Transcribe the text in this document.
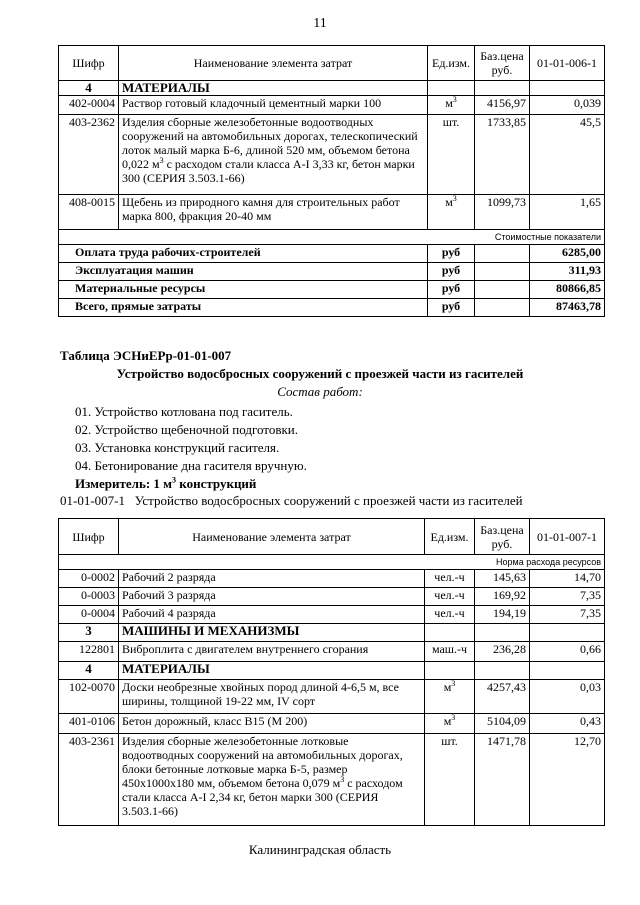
11
Шифр	Наименование элемента затрат	Ед.изм.	Баз.цена руб.	01-01-006-1
4	МАТЕРИАЛЫ			
402-0004	Раствор готовый кладочный цементный марки 100	$м^3$	4156,97	0,039
403-2362	Изделия сборные железобетонные водоотводных сооружений на автомобильных дорогах, телескопический лоток малый марка Б-6, длиной 520 мм, объемом бетона 0,022 $м^3$ с расходом стали класса А-I 3,33 кг, бетон марки 300 (СЕРИЯ 3.503.1-66)	шт.	1733,85	45,5
408-0015	Щебень из природного камня для строительных работ марка 800, фракция 20-40 мм	$м^3$	1099,73	1,65
			Стоимостные показатели	
Оплата труда рабочих-строителей		руб		6285,00
Эксплуатация машин		руб		311,93
Материальные ресурсы		руб		80866,85
Всего, прямые затраты		руб		87463,78
Таблица ЭСНиЕРр-01-01-007
Устройство водосбросных сооружений с проезжей части из гасителей
Состав работ:
01. Устройство котлована под гаситель.
02. Устройство щебеночной подготовки.
03. Установка конструкций гасителя.
04. Бетонирование дна гасителя вручную.
Измеритель: 1 $м^3$ конструкций
01-01-007-1   Устройство водосбросных сооружений с проезжей части из гасителей
Шифр	Наименование элемента затрат	Ед.изм.	Баз.цена руб.	01-01-007-1
			Норма расхода ресурсов	
0-0002	Рабочий 2 разряда	чел.-ч	145,63	14,70
0-0003	Рабочий 3 разряда	чел.-ч	169,92	7,35
0-0004	Рабочий 4 разряда	чел.-ч	194,19	7,35
3	МАШИНЫ И МЕХАНИЗМЫ			
122801	Виброплита с двигателем внутреннего сгорания	маш.-ч	236,28	0,66
4	МАТЕРИАЛЫ			
102-0070	Доски необрезные хвойных пород длиной 4-6,5 м, все ширины, толщиной 19-22 мм, IV сорт	$м^3$	4257,43	0,03
401-0106	Бетон дорожный, класс В15 (М 200)	$м^3$	5104,09	0,43
403-2361	Изделия сборные железобетонные лотковые водоотводных сооружений на автомобильных дорогах, блоки бетонные лотковые марка Б-5, размер 450х1000х180 мм, объемом бетона 0,079 $м^3$ с расходом стали класса А-I 2,34 кг, бетон марки 300 (СЕРИЯ 3.503.1-66)	шт.	1471,78	12,70
Калининградская область
